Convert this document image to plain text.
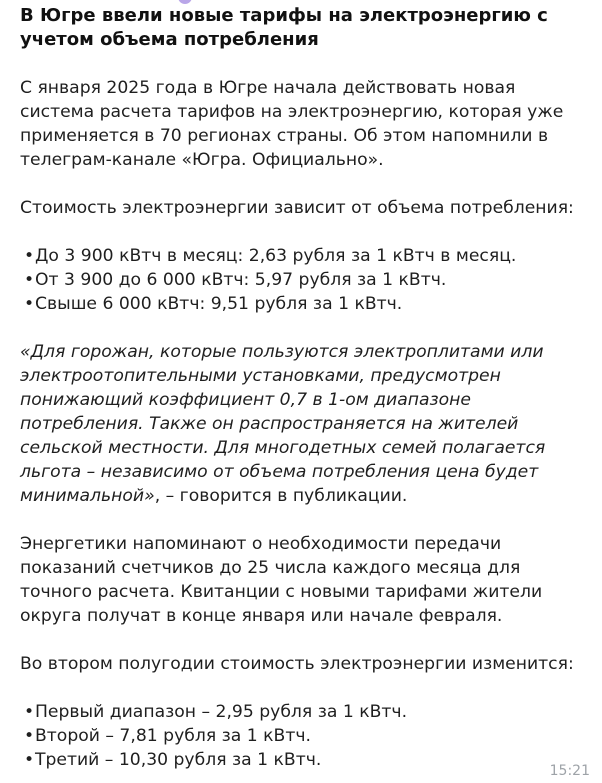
В Югре ввели новые тарифы на электроэнергию с учетом объема потребления

С января 2025 года в Югре начала действовать новая система расчета тарифов на электроэнергию, которая уже применяется в 70 регионах страны. Об этом напомнили в телеграм-канале «Югра. Официально».

Стоимость электроэнергии зависит от объема потребления:

•До 3 900 кВтч в месяц: 2,63 рубля за 1 кВтч в месяц.
•От 3 900 до 6 000 кВтч: 5,97 рубля за 1 кВтч.
•Свыше 6 000 кВтч: 9,51 рубля за 1 кВтч.

«Для горожан, которые пользуются электроплитами или электроотопительными установками, предусмотрен понижающий коэффициент 0,7 в 1-ом диапазоне потребления. Также он распространяется на жителей сельской местности. Для многодетных семей полагается льгота – независимо от объема потребления цена будет минимальной», – говорится в публикации.

Энергетики напоминают о необходимости передачи показаний счетчиков до 25 числа каждого месяца для точного расчета. Квитанции с новыми тарифами жители округа получат в конце января или начале февраля.

Во втором полугодии стоимость электроэнергии изменится:

•Первый диапазон – 2,95 рубля за 1 кВтч.
•Второй – 7,81 рубля за 1 кВтч.
•Третий – 10,30 рубля за 1 кВтч.
15:21
